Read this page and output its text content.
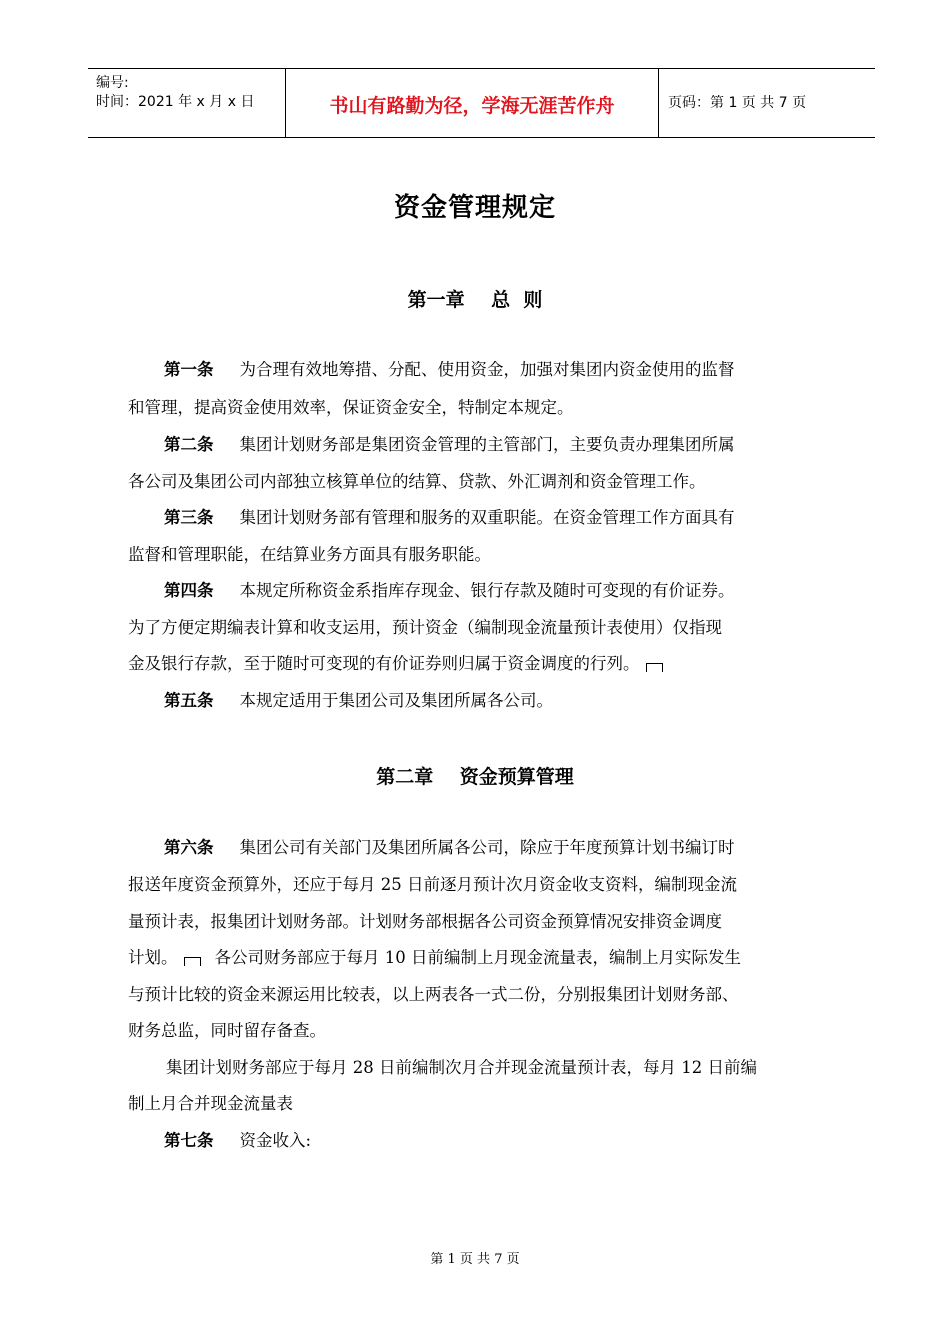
编号:
时间：2021 年 x 月 x 日	书山有路勤为径，学海无涯苦作舟	页码：第 1 页 共 7 页
资金管理规定
第一章    总  则
第一条 为合理有效地筹措、分配、使用资金，加强对集团内资金使用的监督
和管理，提高资金使用效率，保证资金安全，特制定本规定。
第二条 集团计划财务部是集团资金管理的主管部门，主要负责办理集团所属
各公司及集团公司内部独立核算单位的结算、贷款、外汇调剂和资金管理工作。
第三条 集团计划财务部有管理和服务的双重职能。在资金管理工作方面具有
监督和管理职能，在结算业务方面具有服务职能。
第四条 本规定所称资金系指库存现金、银行存款及随时可变现的有价证券。
为了方便定期编表计算和收支运用，预计资金（编制现金流量预计表使用）仅指现
金及银行存款，至于随时可变现的有价证券则归属于资金调度的行列。
第五条 本规定适用于集团公司及集团所属各公司。
第二章    资金预算管理
第六条 集团公司有关部门及集团所属各公司，除应于年度预算计划书编订时
报送年度资金预算外，还应于每月 25 日前逐月预计次月资金收支资料，编制现金流
量预计表，报集团计划财务部。计划财务部根据各公司资金预算情况安排资金调度
计划。 各公司财务部应于每月 10 日前编制上月现金流量表，编制上月实际发生
与预计比较的资金来源运用比较表，以上两表各一式二份，分别报集团计划财务部、
财务总监，同时留存备查。
集团计划财务部应于每月 28 日前编制次月合并现金流量预计表，每月 12 日前编
制上月合并现金流量表
第七条 资金收入:
第 1 页 共 7 页
